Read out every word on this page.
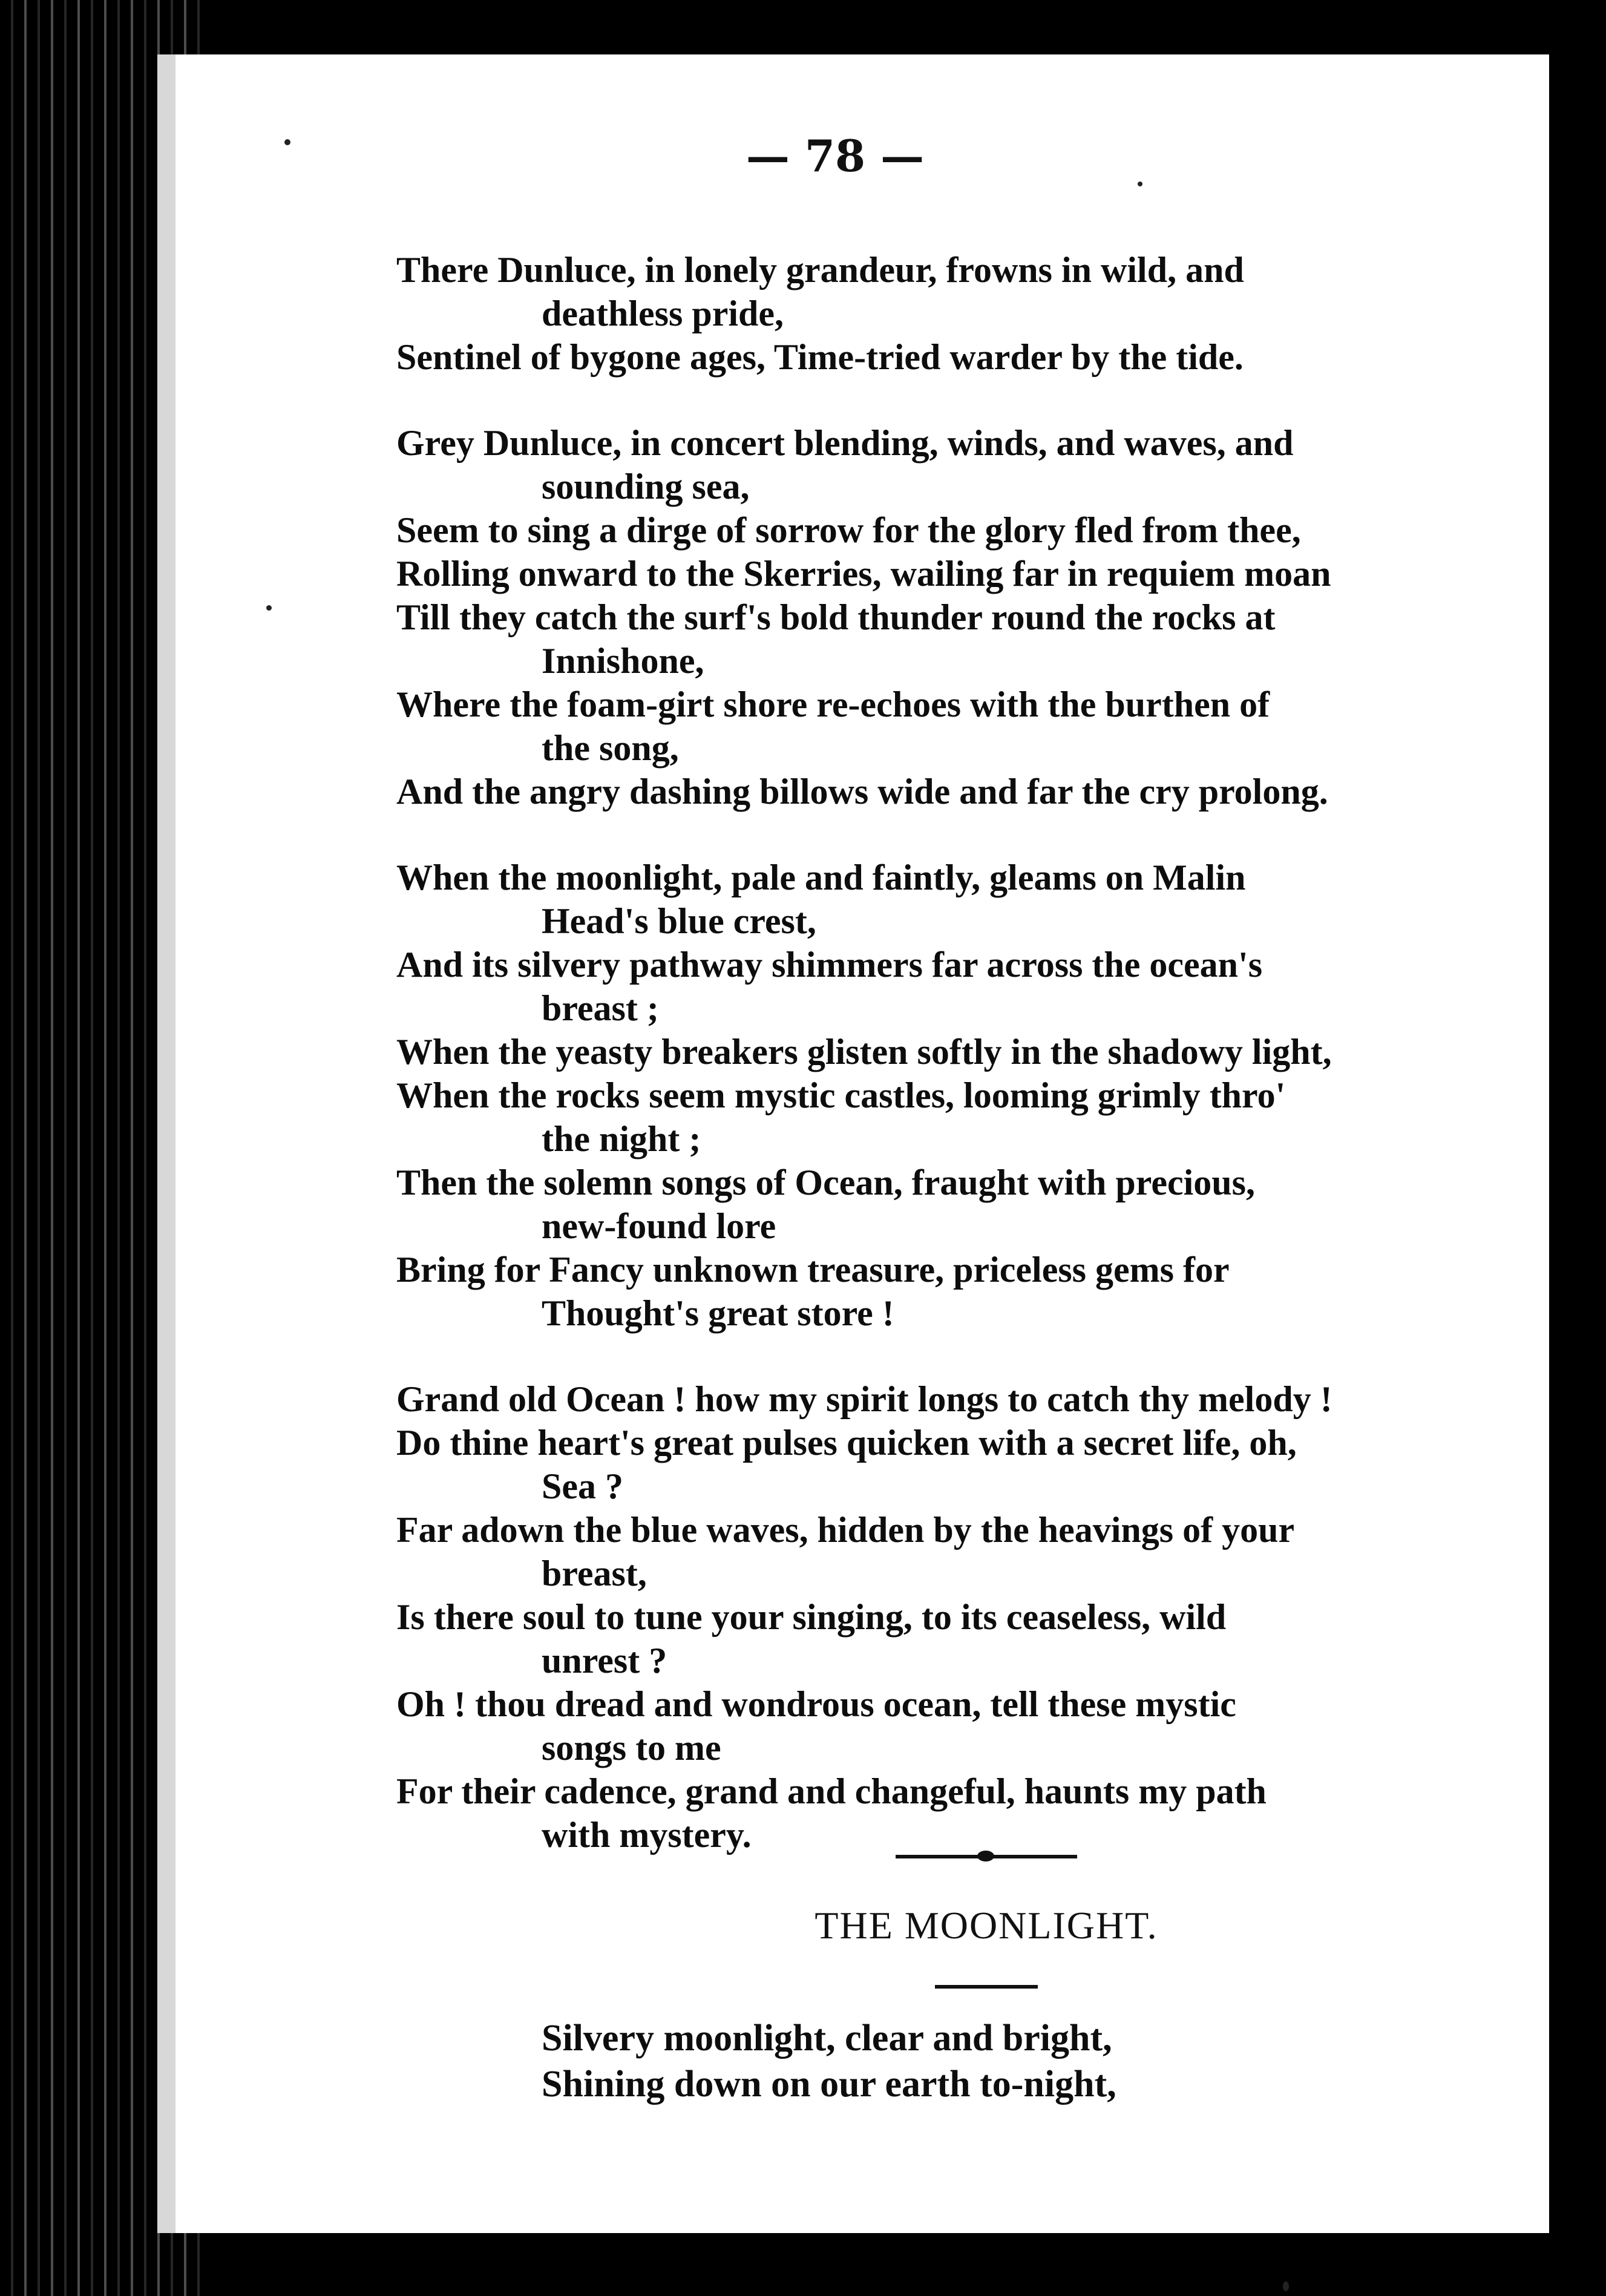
— 78 —
There Dunluce, in lonely grandeur, frowns in wild, and
deathless pride,
Sentinel of bygone ages, Time-tried warder by the tide.
Grey Dunluce, in concert blending, winds, and waves, and
sounding sea,
Seem to sing a dirge of sorrow for the glory fled from thee,
Rolling onward to the Skerries, wailing far in requiem moan
Till they catch the surf's bold thunder round the rocks at
Innishone,
Where the foam-girt shore re-echoes with the burthen of
the song,
And the angry dashing billows wide and far the cry prolong.
When the moonlight, pale and faintly, gleams on Malin
Head's blue crest,
And its silvery pathway shimmers far across the ocean's
breast ;
When the yeasty breakers glisten softly in the shadowy light,
When the rocks seem mystic castles, looming grimly thro'
the night ;
Then the solemn songs of Ocean, fraught with precious,
new-found lore
Bring for Fancy unknown treasure, priceless gems for
Thought's great store !
Grand old Ocean ! how my spirit longs to catch thy melody !
Do thine heart's great pulses quicken with a secret life, oh,
Sea ?
Far adown the blue waves, hidden by the heavings of your
breast,
Is there soul to tune your singing, to its ceaseless, wild
unrest ?
Oh ! thou dread and wondrous ocean, tell these mystic
songs to me
For their cadence, grand and changeful, haunts my path
with mystery.
THE MOONLIGHT.
Silvery moonlight, clear and bright,
Shining down on our earth to-night,
